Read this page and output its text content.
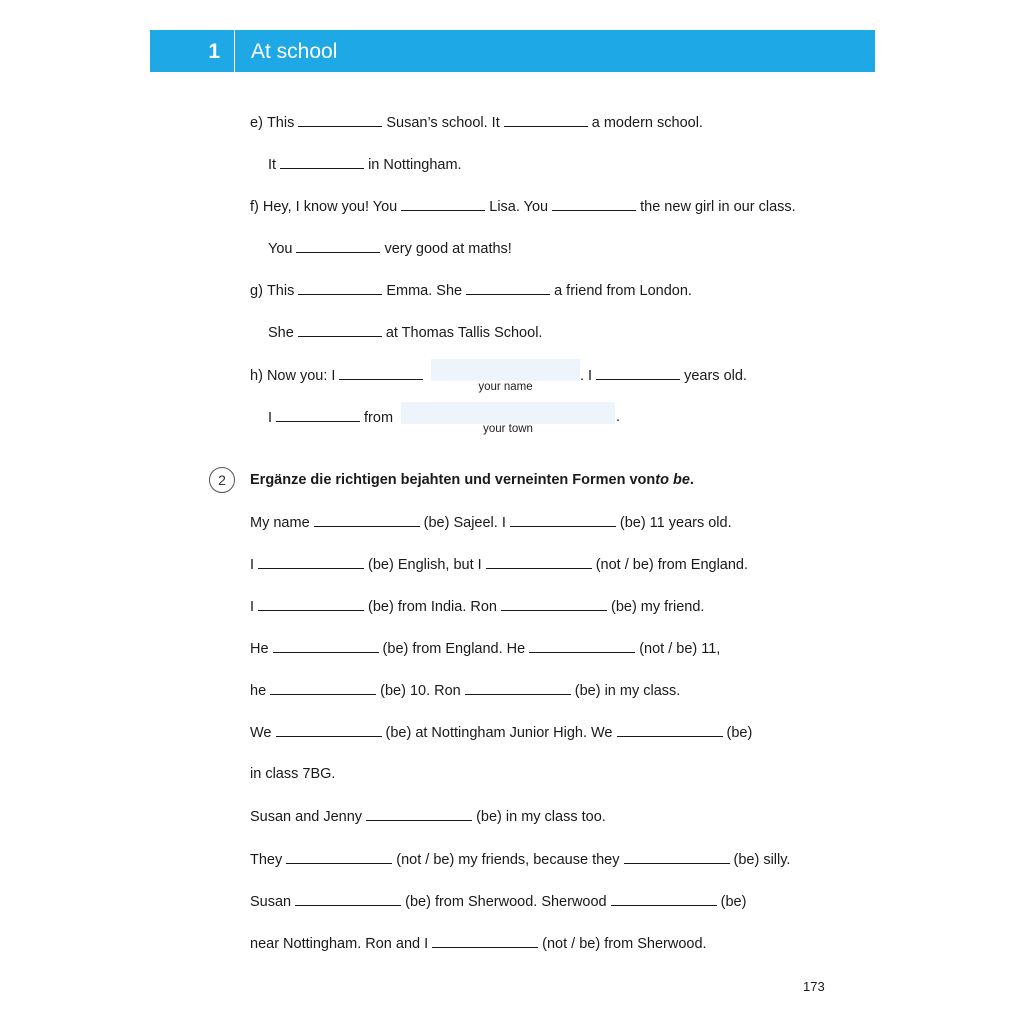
1	At school
e) This	Susan’s school. It	a modern school.
It	in Nottingham.
f) Hey, I know you! You	Lisa. You	the new girl in our class.
You	very good at maths!
g) This	Emma. She	a friend from London.
She	at Thomas Tallis School.
h) Now you: I
your name
. I	years old.
I	from
your town
.
2	Ergänze die richtigen bejahten und verneinten Formen vonto be.
My name	(be) Sajeel. I	(be) 11 years old.
I	(be) English, but I	(not / be) from England.
I	(be) from India. Ron	(be) my friend.
He	(be) from England. He	(not / be) 11,
he	(be) 10. Ron	(be) in my class.
We	(be) at Nottingham Junior High. We	(be)
in class 7BG.
Susan and Jenny	(be) in my class too.
They	(not / be) my friends, because they	(be) silly.
Susan	(be) from Sherwood. Sherwood	(be)
near Nottingham. Ron and I	(not / be) from Sherwood.
173
